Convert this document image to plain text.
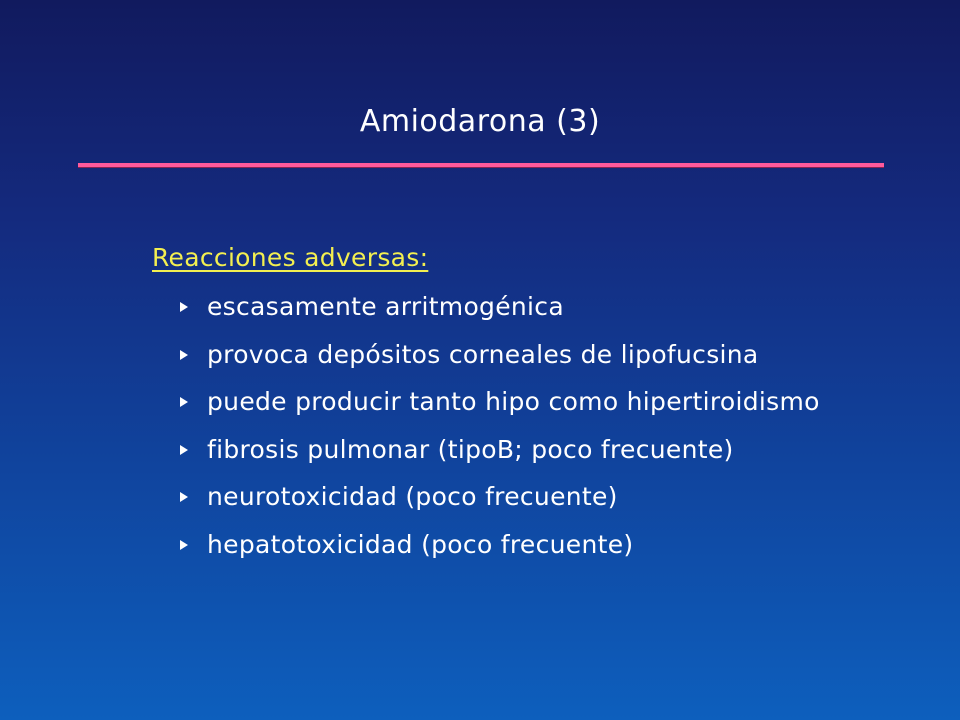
Amiodarona (3)
Reacciones adversas:
escasamente arritmogénica
provoca depósitos corneales de lipofucsina
puede producir tanto hipo como hipertiroidismo
fibrosis pulmonar (tipoB; poco frecuente)
neurotoxicidad (poco frecuente)
hepatotoxicidad (poco frecuente)
